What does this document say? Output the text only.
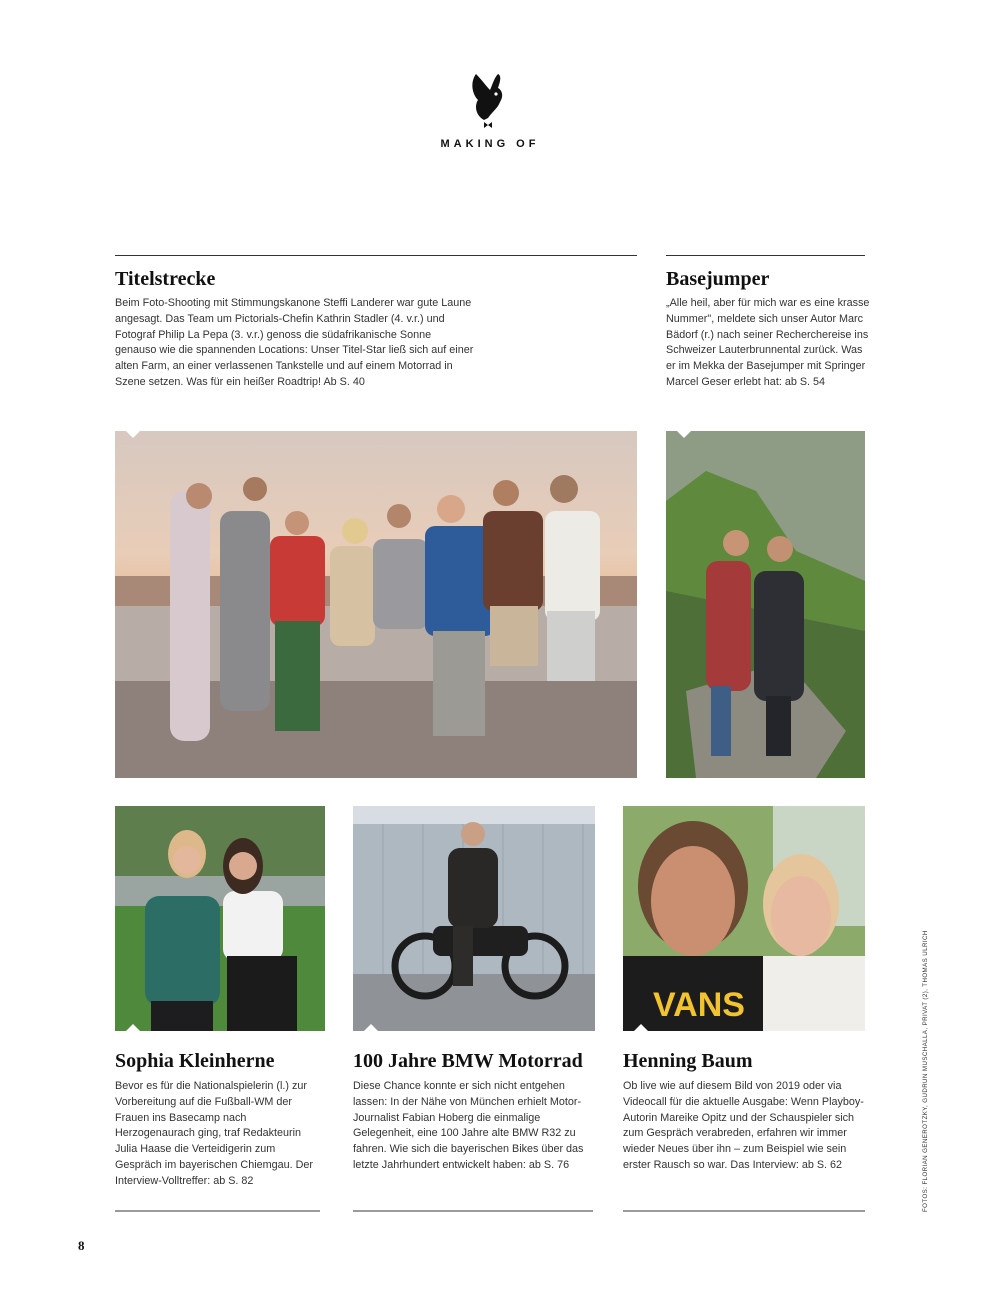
MAKING OF
Titelstrecke

Beim Foto-Shooting mit Stimmungskanone Steffi Landerer war gute Laune angesagt. Das Team um Pictorials-Chefin Kathrin Stadler (4. v.r.) und Fotograf Philip La Pepa (3. v.r.) genoss die südafrikanische Sonne genauso wie die spannenden Locations: Unser Titel-Star ließ sich auf einer alten Farm, an einer verlassenen Tankstelle und auf einem Motorrad in Szene setzen. Was für ein heißer Roadtrip! Ab S. 40

Basejumper

„Alle heil, aber für mich war es eine krasse Nummer", meldete sich unser Autor Marc Bädorf (r.) nach seiner Recherchereise ins Schweizer Lauterbrunnental zurück. Was er im Mekka der Basejumper mit Springer Marcel Geser erlebt hat: ab S. 54

VANS
Sophia Kleinherne

Bevor es für die Nationalspielerin (l.) zur Vorbereitung auf die Fußball-WM der Frauen ins Basecamp nach Herzogenaurach ging, traf Redakteurin Julia Haase die Verteidigerin zum Gespräch im bayerischen Chiemgau. Der Interview-Volltreffer: ab S. 82

100 Jahre BMW Motorrad

Diese Chance konnte er sich nicht entgehen lassen: In der Nähe von München erhielt Motor-Journalist Fabian Hoberg die einmalige Gelegenheit, eine 100 Jahre alte BMW R32 zu fahren. Wie sich die bayerischen Bikes über das letzte Jahrhundert entwickelt haben: ab S. 76

Henning Baum

Ob live wie auf diesem Bild von 2019 oder via Videocall für die aktuelle Ausgabe: Wenn Playboy-Autorin Mareike Opitz und der Schauspieler sich zum Gespräch verabreden, erfahren wir immer wieder Neues über ihn – zum Beispiel wie sein erster Rausch so war. Das Interview: ab S. 62

8
FOTOS: FLORIAN GENEROTZKY, GUDRUN MUSCHALLA, PRIVAT (2), THOMAS ULRICH
